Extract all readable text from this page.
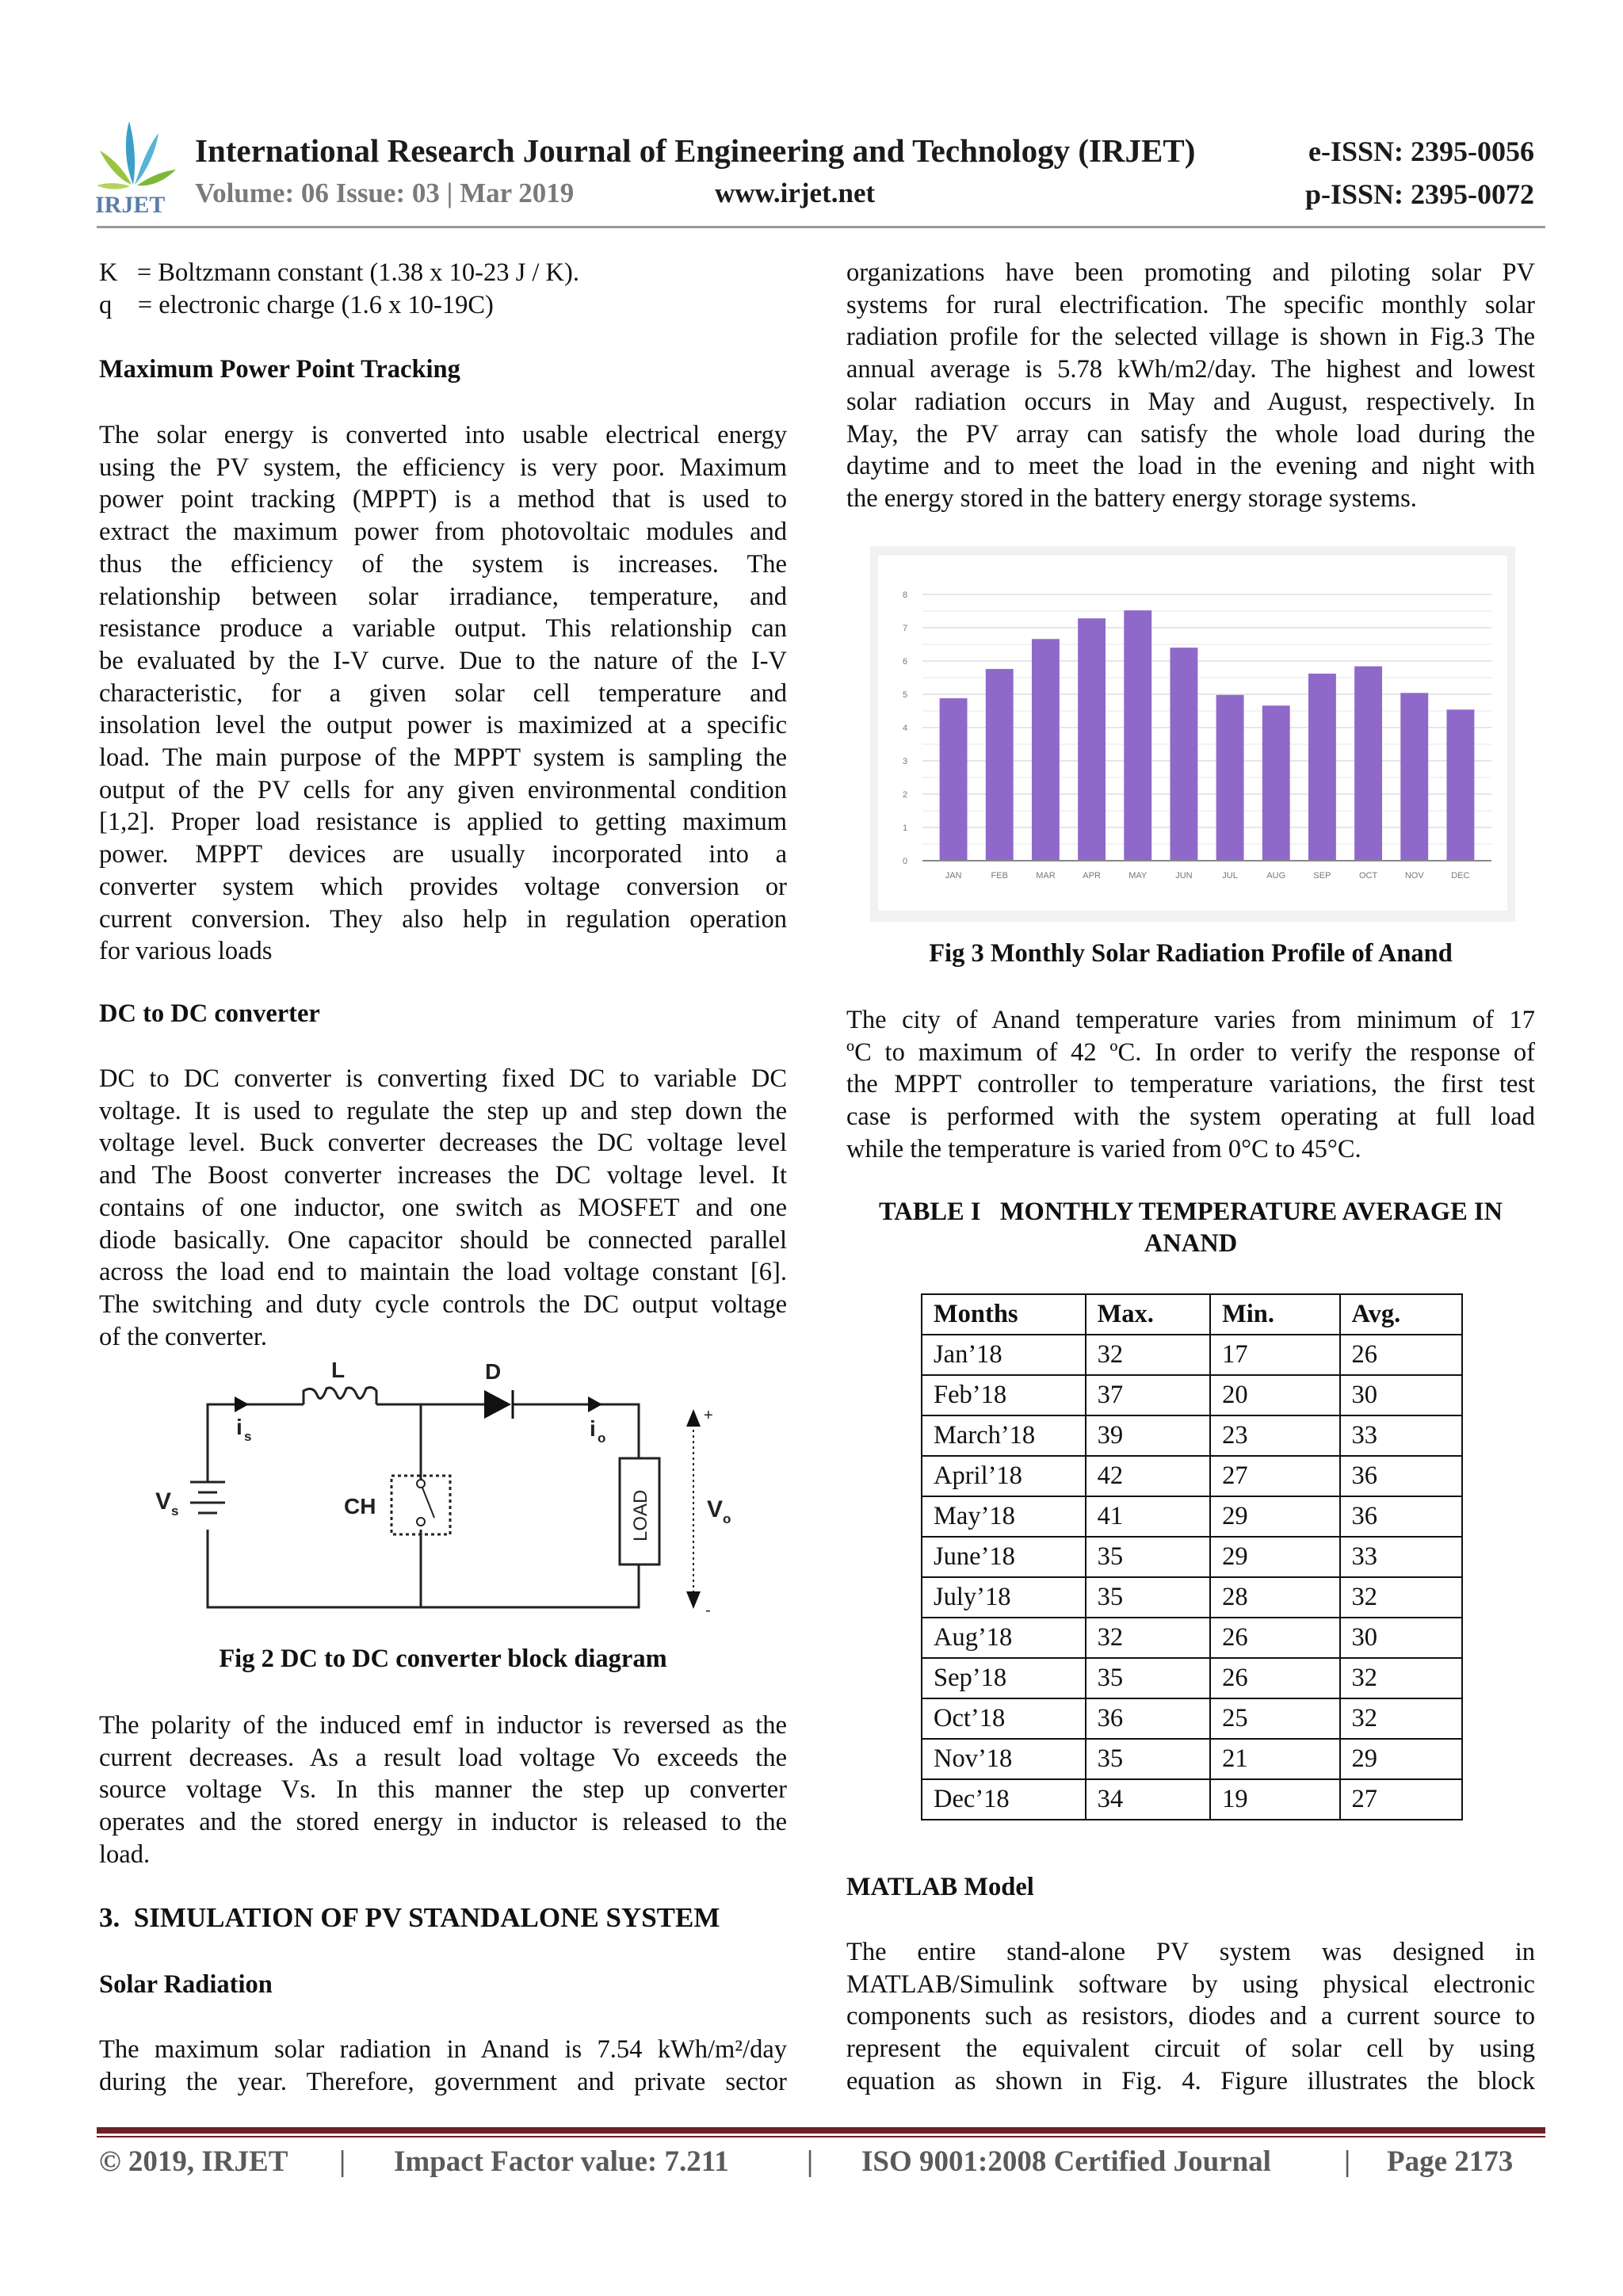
IRJET
International Research Journal of Engineering and Technology (IRJET)
Volume: 06 Issue: 03 | Mar 2019	www.irjet.net
e-ISSN: 2395-0056
p-ISSN: 2395-0072
K   = Boltzmann constant (1.38 x 10-23 J / K).
q    = electronic charge (1.6 x 10-19C)
Maximum Power Point Tracking
The solar energy is converted into usable electrical energy
using the PV system, the efficiency is very poor. Maximum
power point tracking (MPPT) is a method that is used to
extract the maximum power from photovoltaic modules and
thus the efficiency of the system is increases. The
relationship between solar irradiance, temperature, and
resistance produce a variable output. This relationship can
be evaluated by the I-V curve. Due to the nature of the I-V
characteristic, for a given solar cell temperature and
insolation level the output power is maximized at a specific
load. The main purpose of the MPPT system is sampling the
output of the PV cells for any given environmental condition
[1,2]. Proper load resistance is applied to getting maximum
power. MPPT devices are usually incorporated into a
converter system which provides voltage conversion or
current conversion. They also help in regulation operation
for various loads
DC to DC converter
DC to DC converter is converting fixed DC to variable DC
voltage. It is used to regulate the step up and step down the
voltage level. Buck converter decreases the DC voltage level
and The Boost converter increases the DC voltage level. It
contains of one inductor, one switch as MOSFET and one
diode basically. One capacitor should be connected parallel
across the load end to maintain the load voltage constant [6].
The switching and duty cycle controls the DC output voltage
of the converter.
L	D
i s	i o
V s	CH	V o
+
-
LOAD
Fig 2 DC to DC converter block diagram
The polarity of the induced emf in inductor is reversed as the
current decreases. As a result load voltage Vo exceeds the
source voltage Vs. In this manner the step up converter
operates and the stored energy in inductor is released to the
load.
3.  SIMULATION OF PV STANDALONE SYSTEM
Solar Radiation
The maximum solar radiation in Anand is 7.54 kWh/m²/day
during the year. Therefore, government and private sector
organizations have been promoting and piloting solar PV
systems for rural electrification. The specific monthly solar
radiation profile for the selected village is shown in Fig.3 The
annual average is 5.78 kWh/m2/day. The highest and lowest
solar radiation occurs in May and August, respectively. In
May, the PV array can satisfy the whole load during the
daytime and to meet the load in the evening and night with
the energy stored in the battery energy storage systems.
0
1
2
3
4
5
6
7
8
JAN	FEB	MAR	APR	MAY	JUN	JUL	AUG	SEP	OCT	NOV	DEC
Fig 3 Monthly Solar Radiation Profile of Anand
The city of Anand temperature varies from minimum of 17
ºC to maximum of 42 ºC. In order to verify the response of
the MPPT controller to temperature variations, the first test
case is performed with the system operating at full load
while the temperature is varied from 0°C to 45°C.
TABLE I   MONTHLY TEMPERATURE AVERAGE IN
ANAND
Months	Max.	Min.	Avg.
Jan’18	32	17	26
Feb’18	37	20	30
March’18	39	23	33
April’18	42	27	36
May’18	41	29	36
June’18	35	29	33
July’18	35	28	32
Aug’18	32	26	30
Sep’18	35	26	32
Oct’18	36	25	32
Nov’18	35	21	29
Dec’18	34	19	27
MATLAB Model
The entire stand-alone PV system was designed in
MATLAB/Simulink software by using physical electronic
components such as resistors, diodes and a current source to
represent the equivalent circuit of solar cell by using
equation as shown in Fig. 4. Figure illustrates the block
© 2019, IRJET | Impact Factor value: 7.211	| ISO 9001:2008 Certified Journal | Page 2173
